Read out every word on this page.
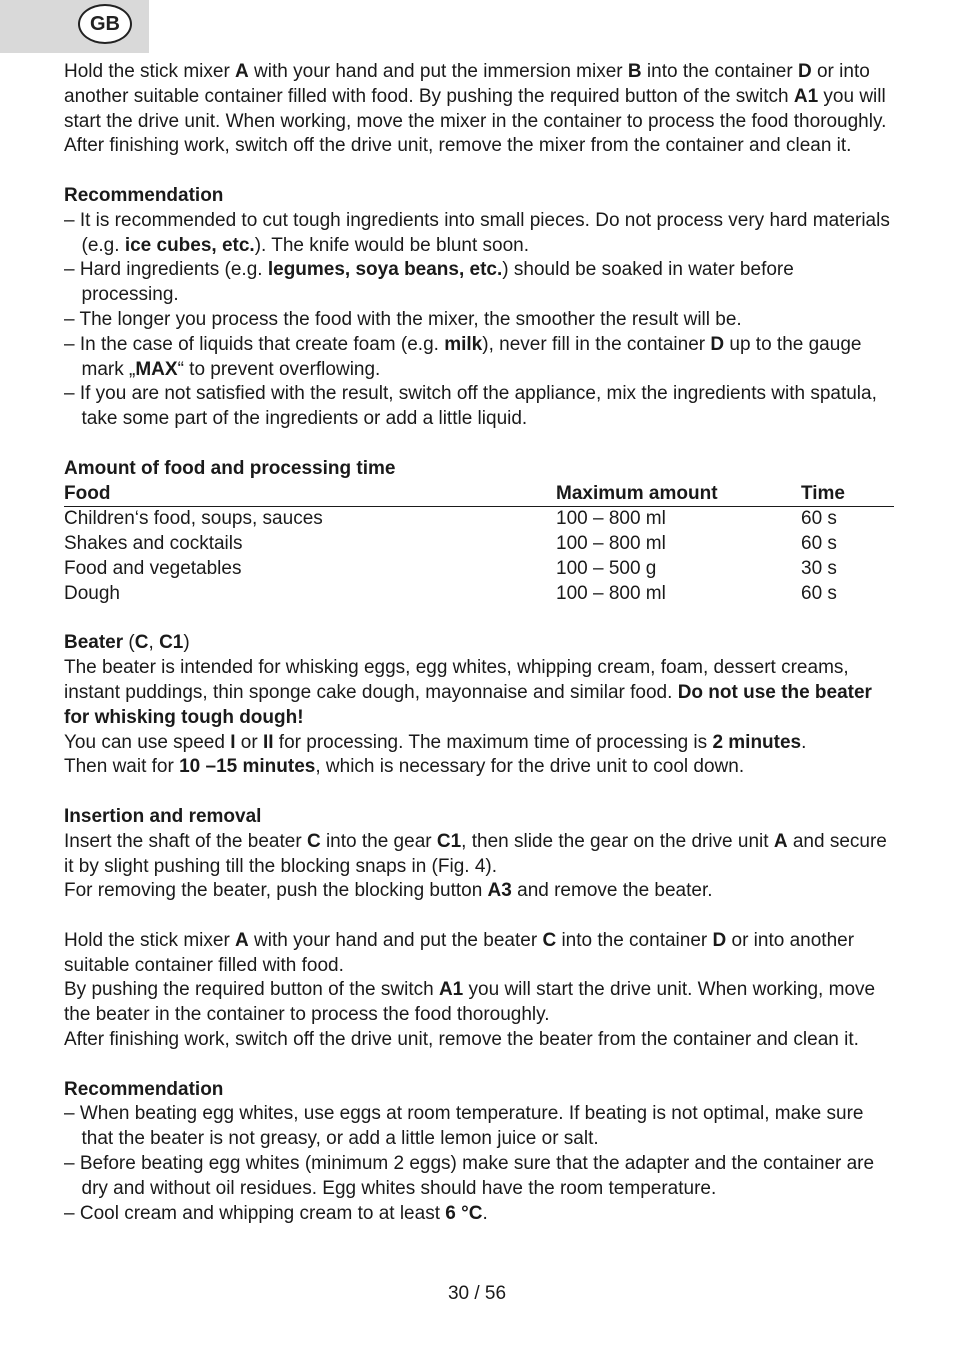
GB

Hold the stick mixer A with your hand and put the immersion mixer B into the container D or into another suitable container filled with food. By pushing the required button of the switch A1 you will start the drive unit. When working, move the mixer in the container to process the food thoroughly. After finishing work, switch off the drive unit, remove the mixer from the container and clean it.

Recommendation

– It is recommended to cut tough ingredients into small pieces. Do not process very hard materials (e.g. ice cubes, etc.). The knife would be blunt soon.

– Hard ingredients (e.g. legumes, soya beans, etc.) should be soaked in water before processing.

– The longer you process the food with the mixer, the smoother the result will be.

– In the case of liquids that create foam (e.g. milk), never fill in the container D up to the gauge mark „MAX“ to prevent overflowing.

– If you are not satisfied with the result, switch off the appliance, mix the ingredients with spatula, take some part of the ingredients or add a little liquid.

Amount of food and processing time

Food	Maximum amount	Time
Children‘s food, soups, sauces	100 – 800 ml	60 s
Shakes and cocktails	100 – 800 ml	60 s
Food and vegetables	100 – 500 g	30 s
Dough	100 – 800 ml	60 s

Beater (C, C1)

The beater is intended for whisking eggs, egg whites, whipping cream, foam, dessert creams, instant puddings, thin sponge cake dough, mayonnaise and similar food. Do not use the beater for whisking tough dough!

You can use speed I or II for processing. The maximum time of processing is 2 minutes.

Then wait for 10 –15 minutes, which is necessary for the drive unit to cool down.

Insertion and removal

Insert the shaft of the beater C into the gear C1, then slide the gear on the drive unit A and secure it by slight pushing till the blocking snaps in (Fig. 4).

For removing the beater, push the blocking button A3 and remove the beater.

Hold the stick mixer A with your hand and put the beater C into the container D or into another suitable container filled with food.

By pushing the required button of the switch A1 you will start the drive unit. When working, move the beater in the container to process the food thoroughly.

After finishing work, switch off the drive unit, remove the beater from the container and clean it.

Recommendation

– When beating egg whites, use eggs at room temperature. If beating is not optimal, make sure that the beater is not greasy, or add a little lemon juice or salt.

– Before beating egg whites (minimum 2 eggs) make sure that the adapter and the container are dry and without oil residues. Egg whites should have the room temperature.

– Cool cream and whipping cream to at least 6 °C.

30 / 56
